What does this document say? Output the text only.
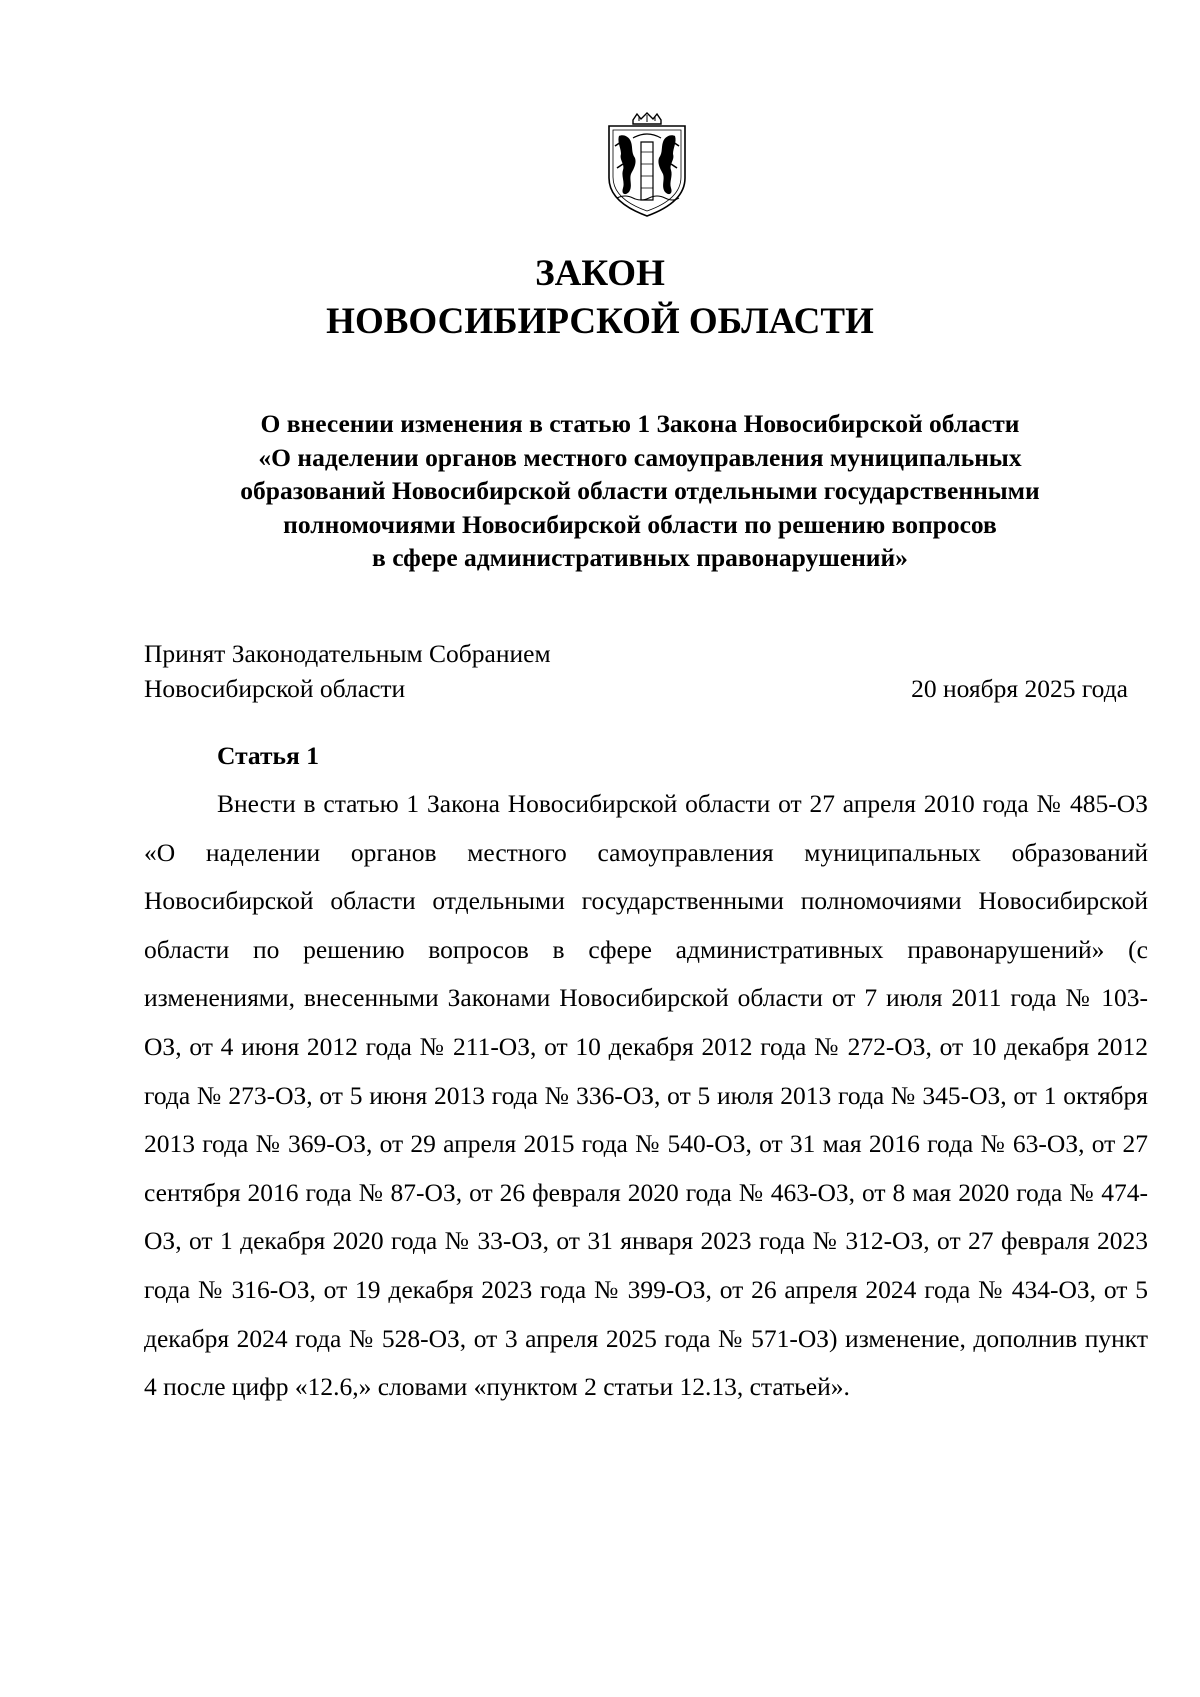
ЗАКОН
НОВОСИБИРСКОЙ ОБЛАСТИ
О внесении изменения в статью 1 Закона Новосибирской области
«О наделении органов местного самоуправления муниципальных
образований Новосибирской области отдельными государственными
полномочиями Новосибирской области по решению вопросов
в сфере административных правонарушений»
Принят Законодательным Собранием
Новосибирской области	20 ноября 2025 года
Статья 1

Внести в статью 1 Закона Новосибирской области от 27 апреля 2010 года № 485-ОЗ «О наделении органов местного самоуправления муниципальных образований Новосибирской области отдельными государственными полномочиями Новосибирской области по решению вопросов в сфере административных правонарушений» (с изменениями, внесенными Законами Новосибирской области от 7 июля 2011 года № 103-ОЗ, от 4 июня 2012 года № 211-ОЗ, от 10 декабря 2012 года № 272-ОЗ, от 10 декабря 2012 года № 273-ОЗ, от 5 июня 2013 года № 336-ОЗ, от 5 июля 2013 года № 345-ОЗ, от 1 октября 2013 года № 369-ОЗ, от 29 апреля 2015 года № 540-ОЗ, от 31 мая 2016 года № 63-ОЗ, от 27 сентября 2016 года № 87-ОЗ, от 26 февраля 2020 года № 463-ОЗ, от 8 мая 2020 года № 474-ОЗ, от 1 декабря 2020 года № 33-ОЗ, от 31 января 2023 года № 312-ОЗ, от 27 февраля 2023 года № 316-ОЗ, от 19 декабря 2023 года № 399-ОЗ, от 26 апреля 2024 года № 434-ОЗ, от 5 декабря 2024 года № 528-ОЗ, от 3 апреля 2025 года № 571-ОЗ) изменение, дополнив пункт 4 после цифр «12.6,» словами «пунктом 2 статьи 12.13, статьей».
